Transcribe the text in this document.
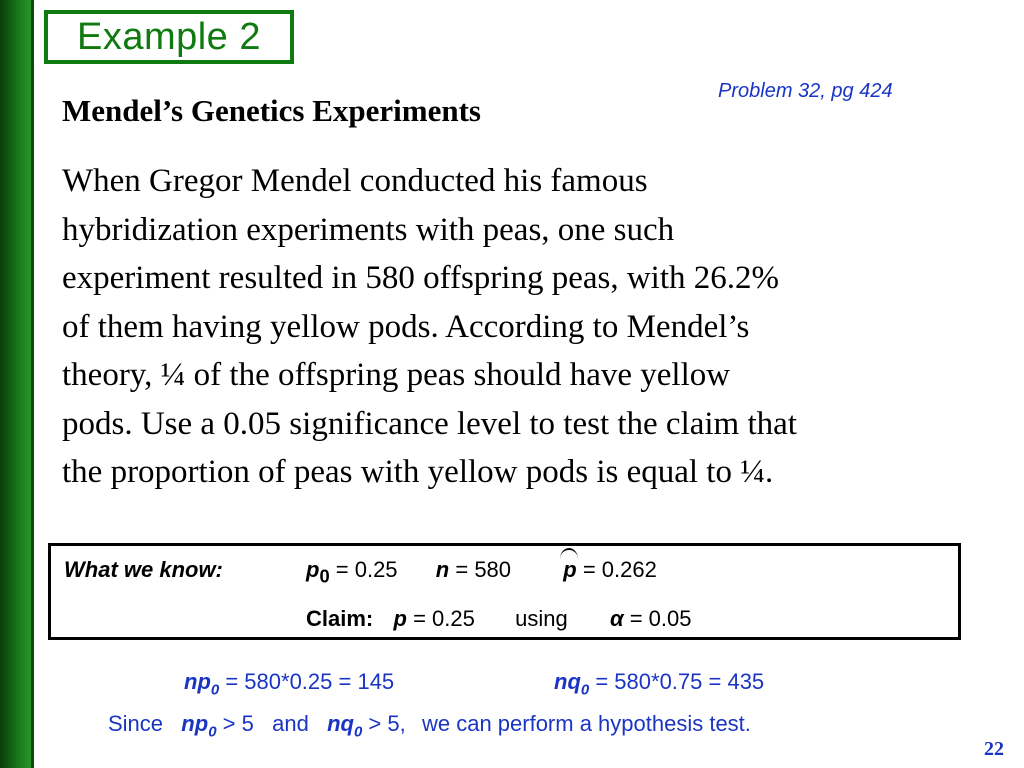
Example 2
Problem 32, pg 424
Mendel’s Genetics Experiments
When Gregor Mendel conducted his famous
hybridization experiments with peas, one such
experiment resulted in 580 offspring peas, with 26.2%
of them having yellow pods. According to Mendel’s
theory, ¼ of the offspring peas should have yellow
pods. Use a 0.05 significance level to test the claim that
the proportion of peas with yellow pods is equal to ¼.
What we know:	$p_0 = 0.25$ n = 580 p = 0.262
Claim: p = 0.25 using α = 0.05
$np_0 = 580*0.25 = 145$	$nq_0 = 580*0.75 = 435$
Since $np_0 > 5$ and $nq_0 > 5$, we can perform a hypothesis test.
22
